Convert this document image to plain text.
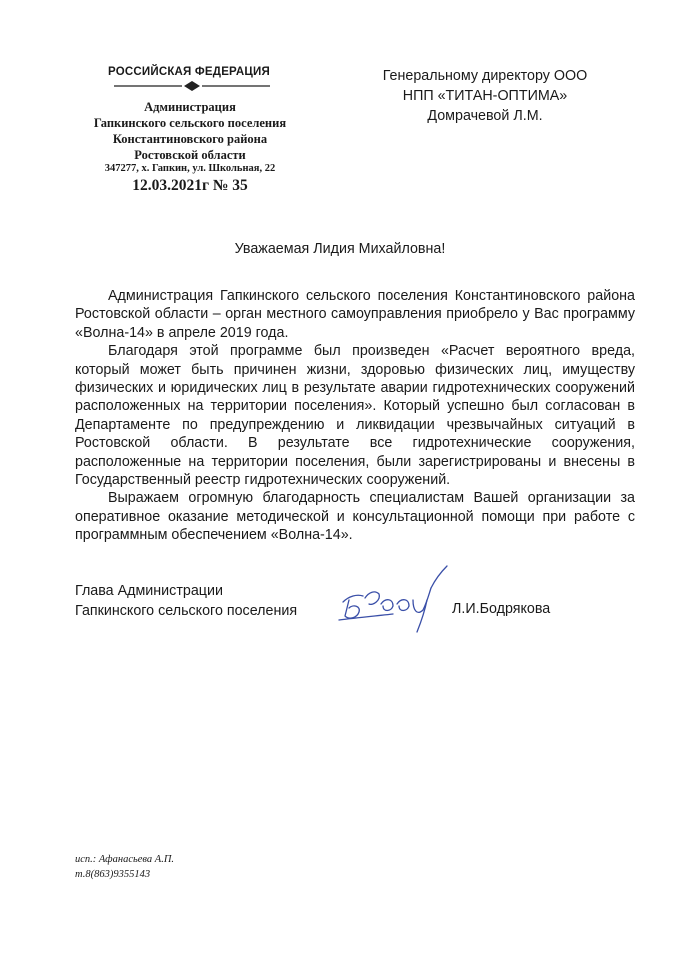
РОССИЙСКАЯ ФЕДЕРАЦИЯ
Администрация
Гапкинского сельского поселения
Константиновского района
Ростовской области
347277, х. Гапкин, ул. Школьная, 22
12.03.2021г № 35
Генеральному директору ООО
НПП «ТИТАН-ОПТИМА»
Домрачевой Л.М.
Уважаемая Лидия Михайловна!

Администрация Гапкинского сельского поселения Константиновского района Ростовской области – орган местного самоуправления приобрело у Вас программу «Волна-14» в апреле 2019 года.

Благодаря этой программе был произведен «Расчет вероятного вреда, который может быть причинен жизни, здоровью физических лиц, имуществу физических и юридических лиц в результате аварии гидротехнических сооружений расположенных на территории поселения». Который успешно был согласован в Департаменте по предупреждению и ликвидации чрезвычайных ситуаций в Ростовской области. В результате все гидротехнические сооружения, расположенные на территории поселения, были зарегистрированы и внесены в Государственный реестр гидротехнических сооружений.

Выражаем огромную благодарность специалистам Вашей организации за оперативное оказание методической и консультационной помощи при работе с программным обеспечением «Волна-14».

Глава Администрации
Гапкинского сельского поселения	Л.И.Бодрякова
исп.: Афанасьева А.П.
т.8(863)9355143
